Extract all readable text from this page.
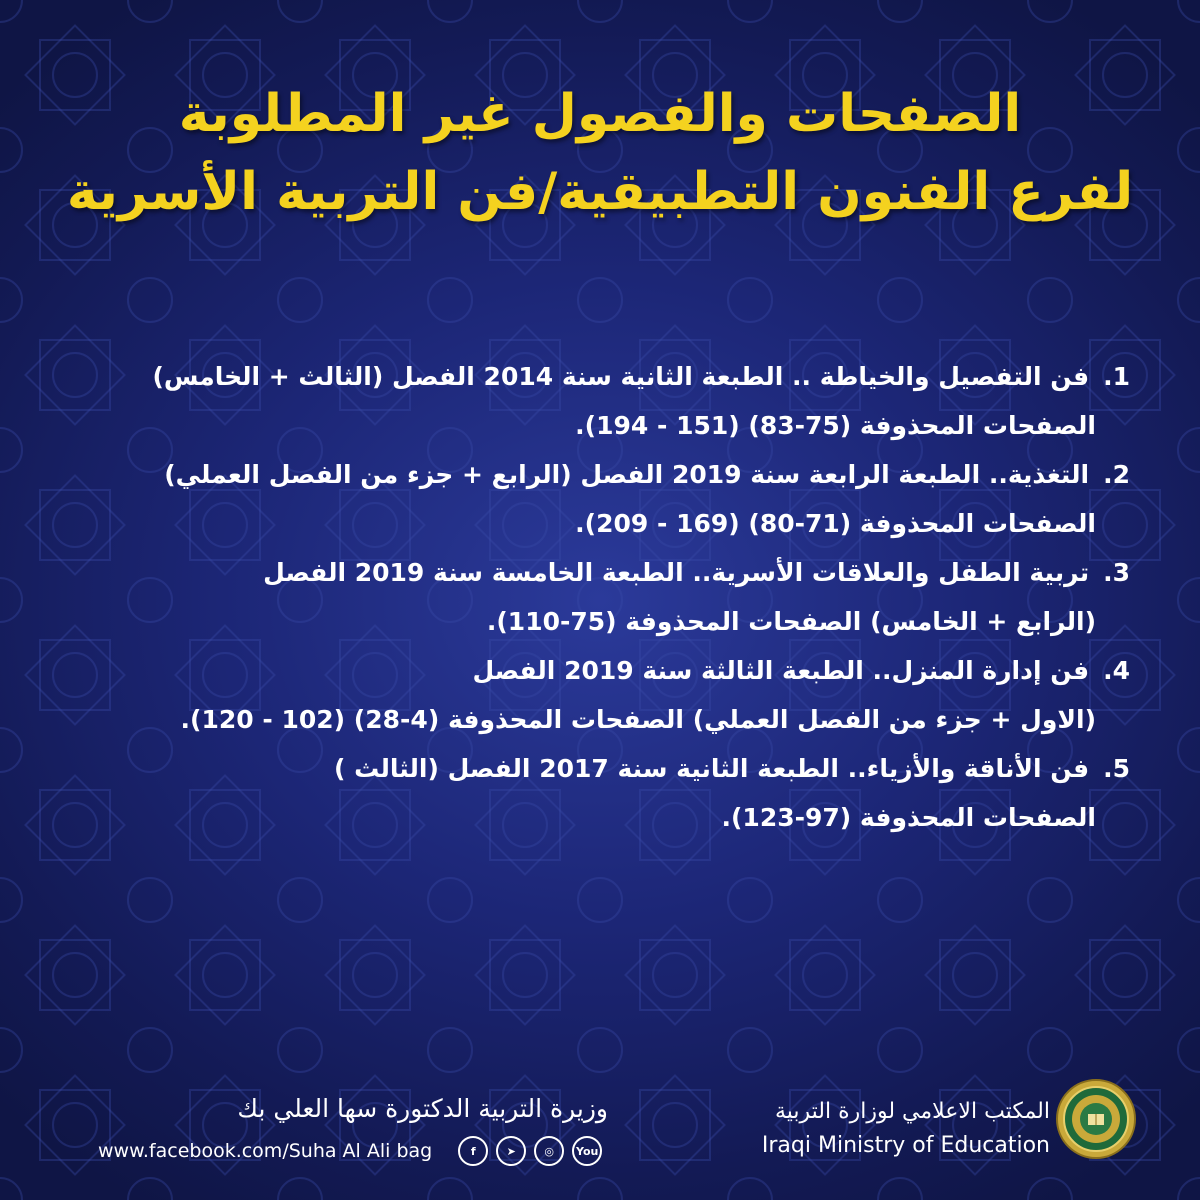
الصفحات والفصول غير المطلوبة
لفرع الفنون التطبيقية/فن التربية الأسرية
1.فن التفصيل والخياطة .. الطبعة الثانية سنة 2014 الفصل (الثالث + الخامس)
الصفحات المحذوفة (75-83) (151 - 194).
2.التغذية.. الطبعة الرابعة سنة 2019 الفصل (الرابع + جزء من الفصل العملي)
الصفحات المحذوفة (71-80) (169 - 209).
3.تربية الطفل والعلاقات الأسرية.. الطبعة الخامسة سنة 2019 الفصل
(الرابع + الخامس) الصفحات المحذوفة (75-110).
4.فن إدارة المنزل.. الطبعة الثالثة سنة 2019 الفصل
(الاول + جزء من الفصل العملي) الصفحات المحذوفة (4-28) (102 - 120).
5.فن الأناقة والأزياء.. الطبعة الثانية سنة 2017 الفصل (الثالث )
الصفحات المحذوفة (97-123).
المكتب الاعلامي لوزارة التربية
Iraqi Ministry of Education
وزيرة التربية الدكتورة سها العلي بك
www.facebook.com/Suha Al Ali bag	f	➤	◎	You
